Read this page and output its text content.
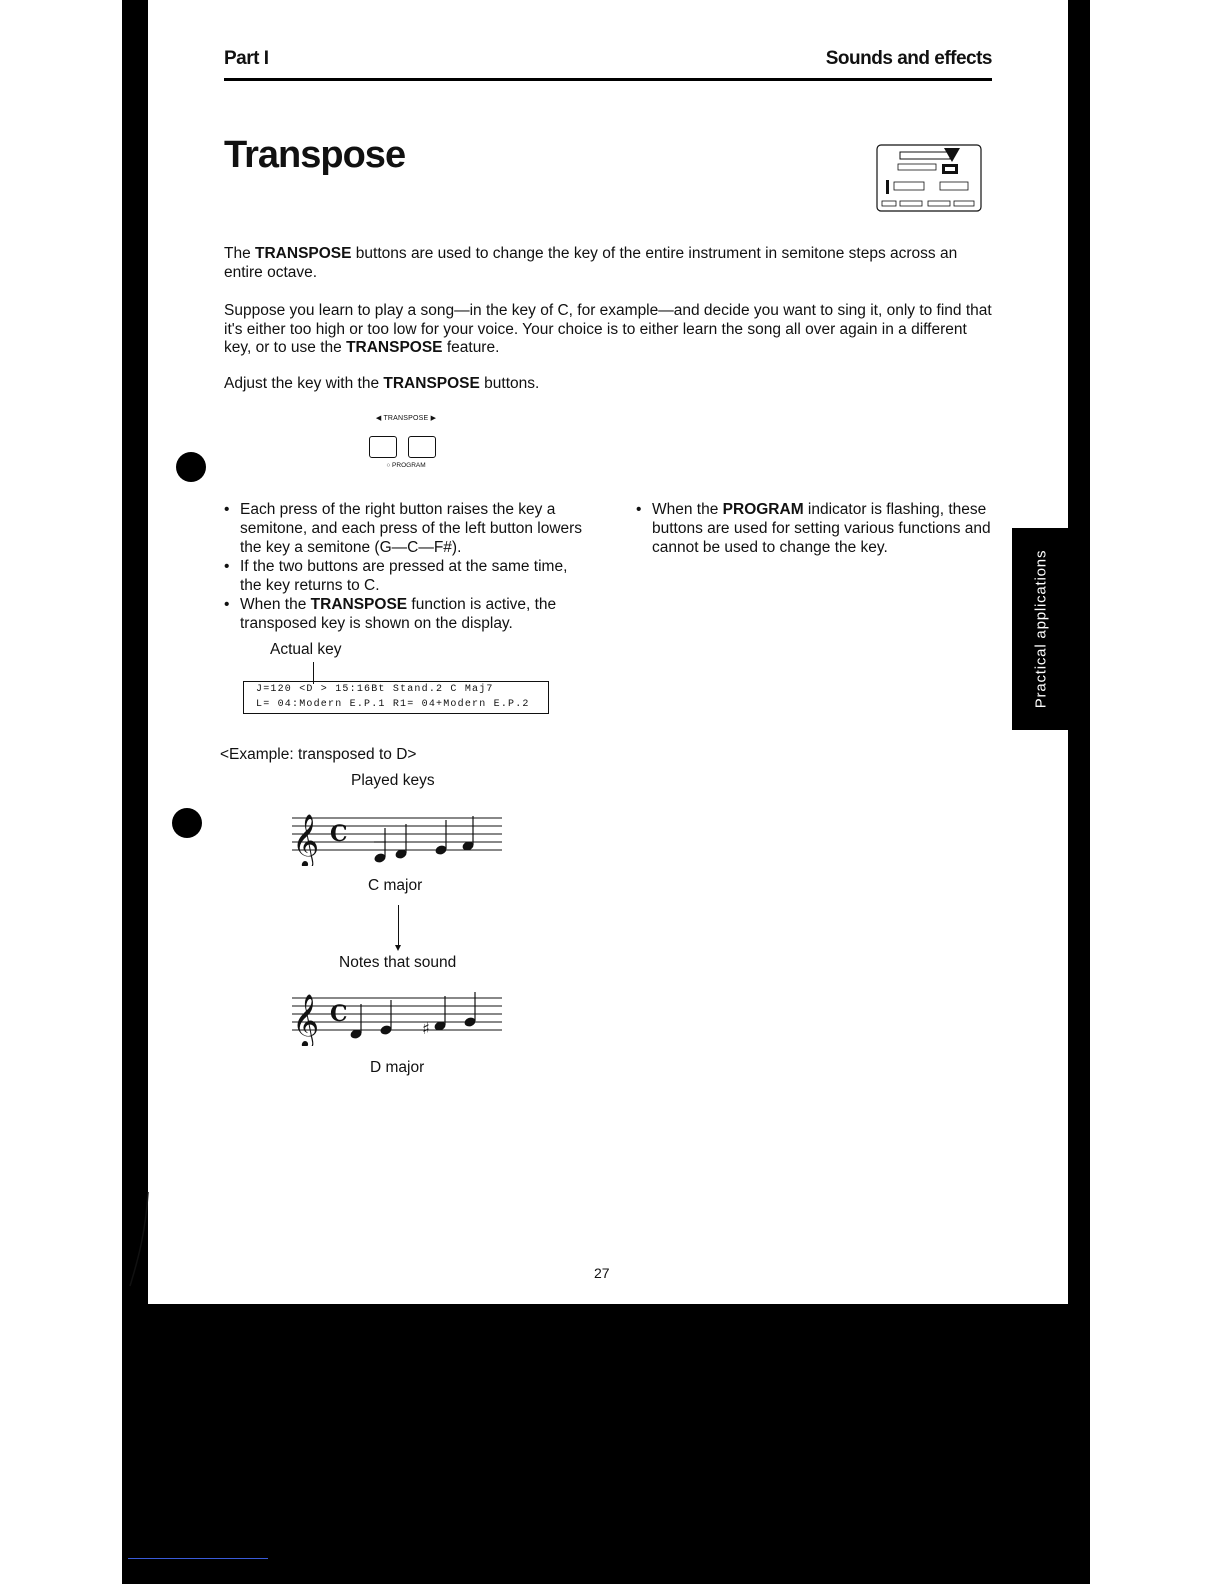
Part I	Sounds and effects
Transpose
The TRANSPOSE buttons are used to change the key of the entire instrument in semitone steps across an entire octave.
Suppose you learn to play a song—in the key of C, for example—and decide you want to sing it, only to find that it's either too high or too low for your voice. Your choice is to either learn the song all over again in a different key, or to use the TRANSPOSE feature.
Adjust the key with the TRANSPOSE buttons.
◀ TRANSPOSE ▶
○ PROGRAM
• Each press of the right button raises the key a semitone, and each press of the left button lowers the key a semitone (G—C—F#).
• If the two buttons are pressed at the same time, the key returns to C.
• When the TRANSPOSE function is active, the transposed key is shown on the display.
• When the PROGRAM indicator is flashing, these buttons are used for setting various functions and cannot be used to change the key.
Actual key
J=120 <D > 15:16Bt Stand.2 C Maj7
L= 04:Modern E.P.1 R1= 04+Modern E.P.2
<Example: transposed to D>
Played keys
𝄞 C
C major
Notes that sound
𝄞 C
♯
D major
Practical applications
27
